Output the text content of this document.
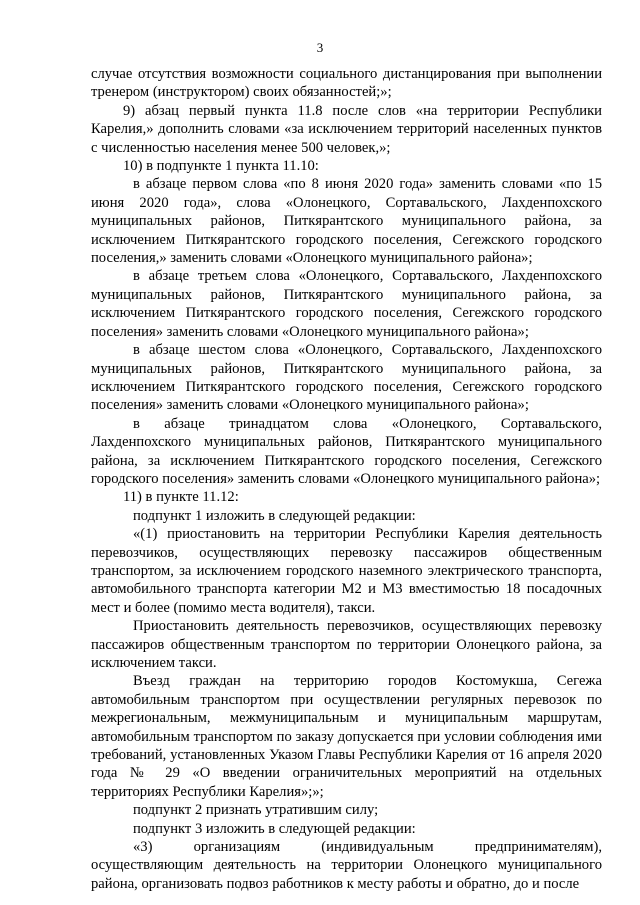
3

случае отсутствия возможности социального дистанцирования при выполнении тренером (инструктором) своих обязанностей;»;

9) абзац первый пункта 11.8 после слов «на территории Республики Карелия,» дополнить словами «за исключением территорий населенных пунктов с численностью населения менее 500 человек,»;

10) в подпункте 1 пункта 11.10:

в абзаце первом слова «по 8 июня 2020 года» заменить словами «по 15 июня 2020 года», слова «Олонецкого, Сортавальского, Лахденпохского муниципальных районов, Питкярантского муниципального района, за исключением Питкярантского городского поселения, Сегежского городского поселения,» заменить словами «Олонецкого муниципального района»;

в абзаце третьем слова «Олонецкого, Сортавальского, Лахденпохского муниципальных районов, Питкярантского муниципального района, за исключением Питкярантского городского поселения, Сегежского городского поселения» заменить словами «Олонецкого муниципального района»;

в абзаце шестом слова «Олонецкого, Сортавальского, Лахденпохского муниципальных районов, Питкярантского муниципального района, за исключением Питкярантского городского поселения, Сегежского городского поселения» заменить словами «Олонецкого муниципального района»;

в абзаце тринадцатом слова «Олонецкого, Сортавальского, Лахденпохского муниципальных районов, Питкярантского муниципального района, за исключением Питкярантского городского поселения, Сегежского городского поселения» заменить словами «Олонецкого муниципального района»;

11) в пункте 11.12:

подпункт 1 изложить в следующей редакции:

«(1) приостановить на территории Республики Карелия деятельность перевозчиков, осуществляющих перевозку пассажиров общественным транспортом, за исключением городского наземного электрического транспорта, автомобильного транспорта категории М2 и М3 вместимостью 18 посадочных мест и более (помимо места водителя), такси.

Приостановить деятельность перевозчиков, осуществляющих перевозку пассажиров общественным транспортом по территории Олонецкого района, за исключением такси.

Въезд граждан на территорию городов Костомукша, Сегежа автомобильным транспортом при осуществлении регулярных перевозок по межрегиональным, межмуниципальным и муниципальным маршрутам, автомобильным транспортом по заказу допускается при условии соблюдения ими требований, установленных Указом Главы Республики Карелия от 16 апреля 2020 года № 29 «О введении ограничительных мероприятий на отдельных территориях Республики Карелия»;»;

подпункт 2 признать утратившим силу;

подпункт 3 изложить в следующей редакции:

«3) организациям (индивидуальным предпринимателям), осуществляющим деятельность на территории Олонецкого муниципального района, организовать подвоз работников к месту работы и обратно, до и после
